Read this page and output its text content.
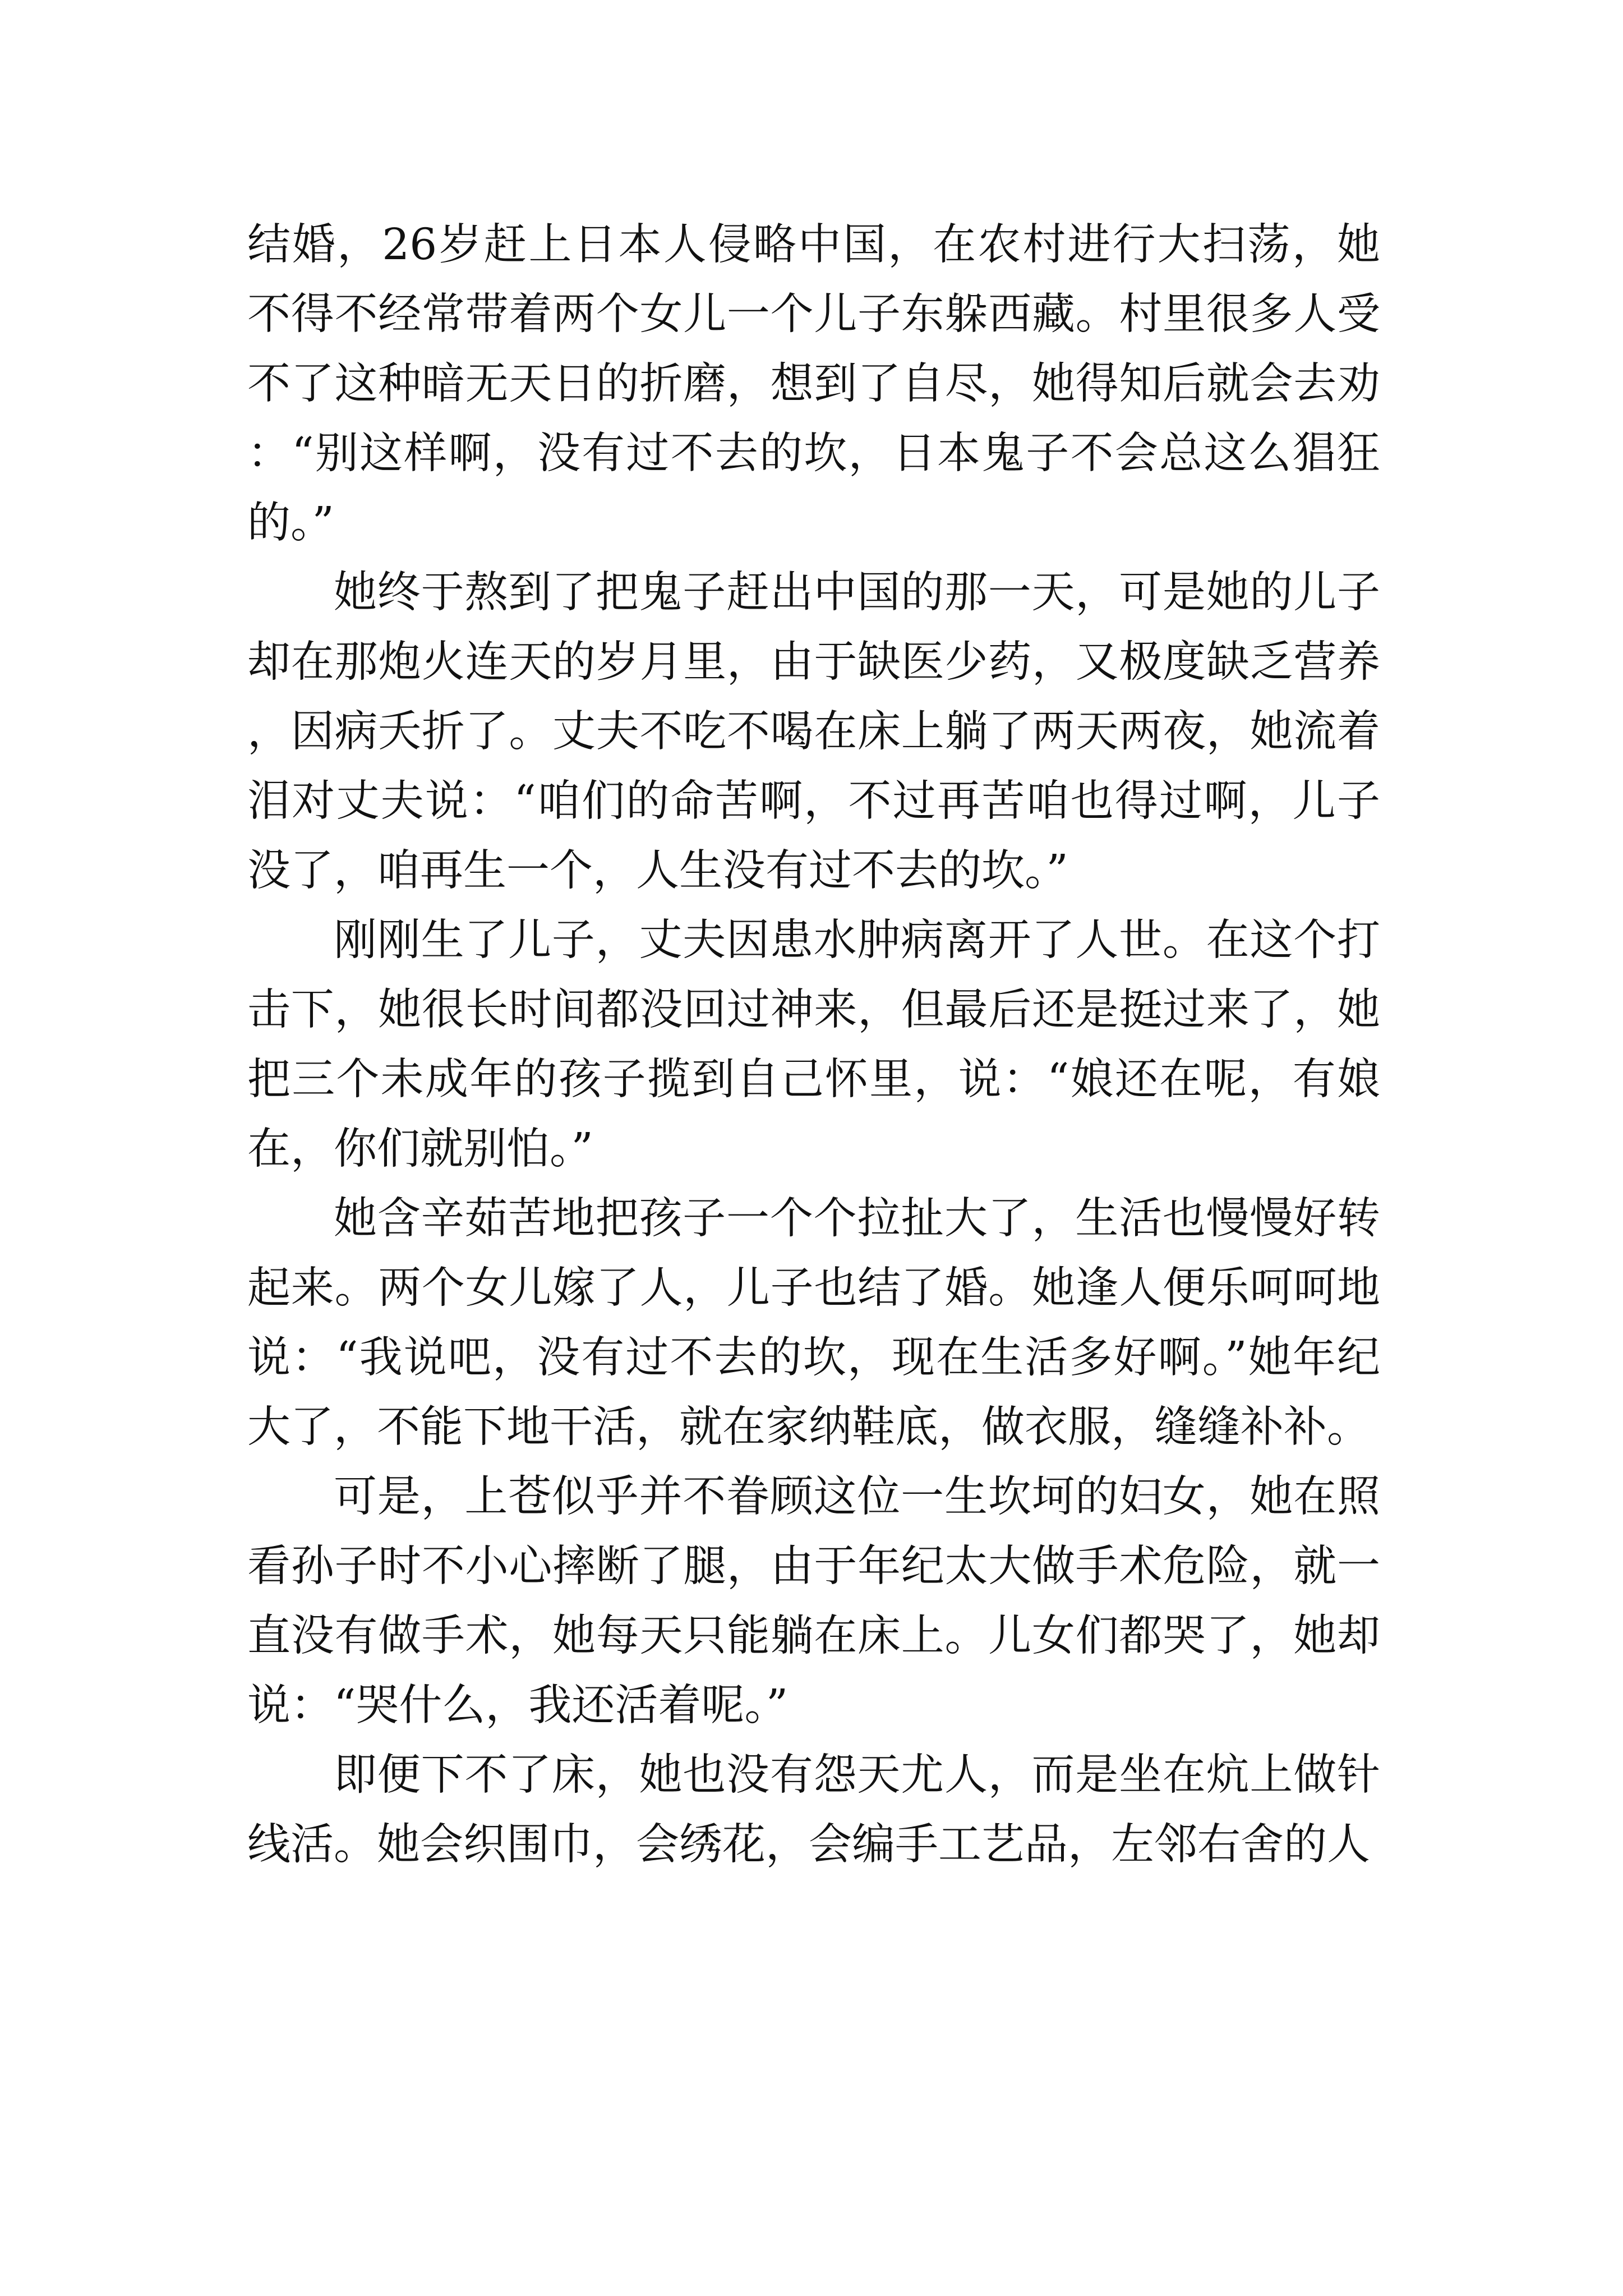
结婚，26岁赶上日本人侵略中国，在农村进行大扫荡，她不得不经常带着两个女儿一个儿子东躲西藏。村里很多人受不了这种暗无天日的折磨，想到了自尽，她得知后就会去劝：“别这样啊，没有过不去的坎，日本鬼子不会总这么猖狂的。”

她终于熬到了把鬼子赶出中国的那一天，可是她的儿子却在那炮火连天的岁月里，由于缺医少药，又极度缺乏营养，因病夭折了。丈夫不吃不喝在床上躺了两天两夜，她流着泪对丈夫说：“咱们的命苦啊，不过再苦咱也得过啊，儿子没了，咱再生一个，人生没有过不去的坎。”

刚刚生了儿子，丈夫因患水肿病离开了人世。在这个打击下，她很长时间都没回过神来，但最后还是挺过来了，她把三个未成年的孩子揽到自己怀里，说：“娘还在呢，有娘在，你们就别怕。”

她含辛茹苦地把孩子一个个拉扯大了，生活也慢慢好转起来。两个女儿嫁了人，儿子也结了婚。她逢人便乐呵呵地说：“我说吧，没有过不去的坎，现在生活多好啊。”她年纪大了，不能下地干活，就在家纳鞋底，做衣服，缝缝补补。

可是，上苍似乎并不眷顾这位一生坎坷的妇女，她在照看孙子时不小心摔断了腿，由于年纪太大做手术危险，就一直没有做手术，她每天只能躺在床上。儿女们都哭了，她却说：“哭什么，我还活着呢。”

即便下不了床，她也没有怨天尤人，而是坐在炕上做针线活。她会织围巾，会绣花，会编手工艺品，左邻右舍的人
